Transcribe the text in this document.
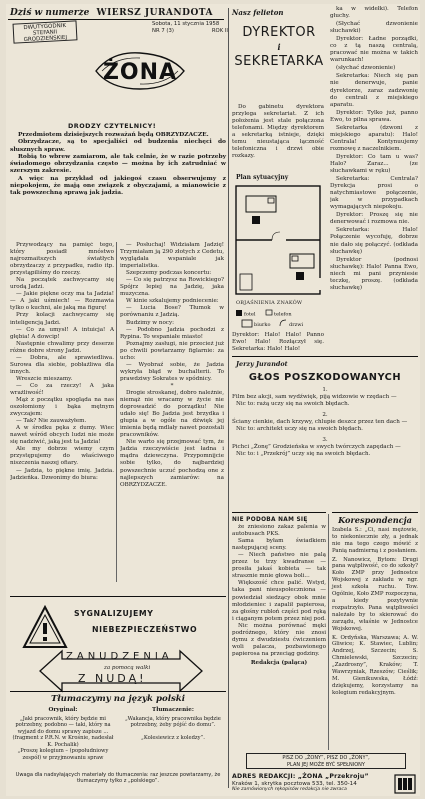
Dziś w numerze WIERSZ JURANDOTA
DWUTYGODNIK
STEFANII
GRODZIEŃSKIEJ
Sobota, 11 stycznia 1958
NR 7 (3)	ROK II
ŻONA
DRODZY CZYTELNICY!

Przedmiotem dzisiejszych rozważań będą OBRZYDZACZE.

Obrzydzacze, są to specjaliści od budzenia niechęci do słusznych spraw.

Robią to wbrew zamiarom, ale tak celnie, że w razie potrzeby świadomego obrzydzania często — można by ich zatrudniać w szerszym zakresie.

A więc na przykład od jakiegoś czasu obserwujemy z niepokojem, że mają one związek z obyczajami, a mianowicie z tak powszechną sprawą jak jadzia.

Przywodzący na pamięć tego, który posiadł mnóstwo najrozmaitszych światłych obrzydzaczy z przypadku, radio itp. przystąpiliśmy do rzeczy.

Na początek zachwycamy się urodą Jadzi.

— Jakie piękne oczy ma ta Jadzia! — A jaki uśmiech! — Rozmawia tylko o kuchni, ale jaką ma figurę!

Przy kolacji zachwycamy się inteligencją Jadzi.

— Co za umysł! A intuicja! A głębia! A dowcip!

Następnie chwalimy przy deserze różne dobre strony Jadzi.

— Dobra, ale sprawiedliwa. Surowa dla siebie, pobłażliwa dla innych.

Wreszcie mieszamy.

— Co za rzeczy! A jaka wrażliwość!

Mąż z początku spogląda na nas oszołomiony i bąka mętnym zwyczajem:

— Tak? Nie zauważyłem.

A w środku pęka z dumy. Wiec nawet wśród obcych ludzi nie może się nadziwić, jaką jest ta Jadzia!

Ale my dobrze wiemy czym przystępujemy do właściwego niszczenia naszej ofiary.

— Jadzia, to piękne imię. Jadzia. Jadzieńka. Dzwonimy do biura:

— Posłuchaj! Widziałam Jadzię! Trzymiałam ją 290 złotych z Cedetu, wyglądała wspaniale jak imperialistka.

Szepczemy podczas koncertu:

— Co się patrzysz na Rowickiego? Spójrz lepiej na Jadzię, jaka muzyczna.

W kinie szkalujemy podniecenie:

— Lucia Bose? Tłumok w porównaniu z Jadzią.

Budzimy w nocy:

— Podobno Jadzia pochodzi z Rypina. To wspaniałe miasto!

Poznajmy zasługi, nie przecież już po chwili powtarzamy figlarnie: za ucho:

— Wyobraź sobie, że Jadzia wykryła błąd w buchalterii. To prawdziwy Sokrates w spódnicy.

*

Drogie stroskanej, dobro należnie, niemąż nie wracamy w życie nie doprowadzić do porządku! Nie udało się! Bo Jadzia jest brzydka i głupia a w ogóle na dźwięk jej imienia będą mdlały nawet pozostali pracowników.

Nie warto się przejmować tym, że Jadzia rzeczywiście jest ładna i mądra dziewczyna. Przypomnijcie sobie tylko, do najbardziej powszechnie uczuć pochodzą one z najlepszych zamiarów: na OBRZYDZACZE.

SYGNALIZUJEMY
NIEBEZPIECZEŃSTWO
ZANUDZENIA
za pomocą walki
Z NUDĄ!
Tłumaczymy na język polski
Oryginał:

„Jaki pracownik, który będzie mi potrzebny, podobno — taki, który na wyjazd do domu sprawy zapisze ... (fragment z P.R.N. w Krośnie, nadesłał K. Pochalik)

„Proszę kolegium – (popołudniowy zespół) w przyjmowaniu spraw

Tłumaczenie:

„Wakancja, który pracownika będzie potrzebny, żeby pójść do domu”.

„Kolesiewicz z koledzy”.

Uwaga dla nadsyłających materiały do tłumaczenia: raz jeszcze powtarzamy, że tłumaczymy tylko z „polskiego”.
Nasz felieton
DYREKTOR
i
SEKRETARKA

Do gabinetu dyrektora przylega sekretariat. Z ich położenia jest stale połączona telefonami. Między dyrektorem a sekretarką istnieje, dzięki temu nieustająca łączność telefoniczna i drzwi obie rozkazy.

Plan sytuacyjny
OBJAŚNIENIA ZNAKÓW
fotel	telefon
biurko	drzwi
Dyrektor: Halo! Halo! Panno Ewo! Halo! Rozłączył się. Sekretarka: Halo! Halo!

ka w widełki). Telefon głuchy.

(Słychać dzwonienie słuchawki)

Dyrektor: Ładne porządki, co z tą naszą centralą, pracować nie można w takich warunkach!

(słychać dzwonienie)

Sekretarka: Niech się pan nie denerwuje, panie dyrektorze, zaraz zadzwonię do centrali z miejskiego aparatu.

Dyrektor: Tylko już, panno Ewo, to pilna sprawa.

Sekretarka (dzwoni z miejskiego aparatu): Halo! Centrala! Kontynuujemy rozmowę z naczelnikiem.

Dyrektor: Co tam u was? Halo? Zaraz... (ze słuchawkami w ręku)

Sekretarka: Centrala? Dyrekcja prosi o natychmiastowe połączenie, jak w przypadkach wymagających niepokoju.

Dyrektor: Proszę się nie denerwować i rozmowa nie.

Sekretarka: Halo! Połączenie wycofuję, dobrze nie dało się połączyć. (odkłada słuchawkę)

Dyrektor (podnosi słuchawkę): Halo! Panna Ewo, niech mi pani przyniesie teczkę, proszę. (odkłada słuchawkę)

Jerzy Jurandot
GŁOS POSZKODOWANYCH
1.
Film bez akcji, sam wydźwięk, piją widzowie w rzędach —
Nic to: rażą uczy się na swoich błędach.
2.
Ściany cienkie, dach krzywy, chlupie deszcz przez ten dach —
Nic to: architekt uczy się na swoich błędach.
3.
Pichci „Żonę” Grodzieńska w swych twórczych zapędach —
Nic to: i „Przekrój” uczy się na swoich błędach.
NIE PODOBA NAM SIĘ

że zniesiono zakaz palenia w autobusach PKS.

Sama byłam świadkiem następującej sceny.

— Niech państwo nie palą przez te trzy kwadranse — prosiła jakaś kobieta — tak strasznie mnie głowa boli...

Większość chce palić. Wstyd, taka pani nieuspołeczniona — powiedział siedzący obok mnie młodzieniec i zapalił papierosa, za głośny rubloń części pod ręką i ciąganym potem przez niej pod.

Nic można porównać męki podróżnego, który nie znosi dymu z dwudziestu ćwiczeniem woli palacza, pozbawionego papierosa na przeciąg godziny.

Redakcja (paląca)

Korespondencja

Izabela S.: „Ci, nasi mężowie, to niekoniecznie zły, a jednak nie ma tego czego mówić z Panią nadmierną i z posłaniem.

Z. Nanowicz, Bytom: Drugi pana wątpliwość, co do szkoły? Koło ZMP przy Jednostce Wojskowej z zakładu w ngr. jest szkoła ruchu. Tow. Ogólnie, Koło ZMP rozpoczyna, a kiedy pozytywnie rozpatrzyło. Pana wątpliwości należało by to skierować do zarządu, właśnie w Jednostce Wojskowej.

K. Ordyńska, Warszawa; A. W. Gliwice; K. Stawiec, Lublin; Andrzej, Szczecin; S. Chmielewski, Szczecin; „Zazdrosny”, Kraków; T. Wawrzyniak, Rzeszów; Cieślik; M. Gienikuwska, Łódź: dziękujemy, korzystamy na kolegium redakcyjnym.

PISZ DO „ŻONY”, PISZ DO „ŻONY”,
PLAN JEJ MOŻE BYĆ SPEŁNIONY
ADRES REDAKCJI: „ŻONA „Przekroju”
Kraków 1, skrytka pocztowa 533, tel. 350-14
Nie zamówionych rękopisów redakcja nie zwraca
